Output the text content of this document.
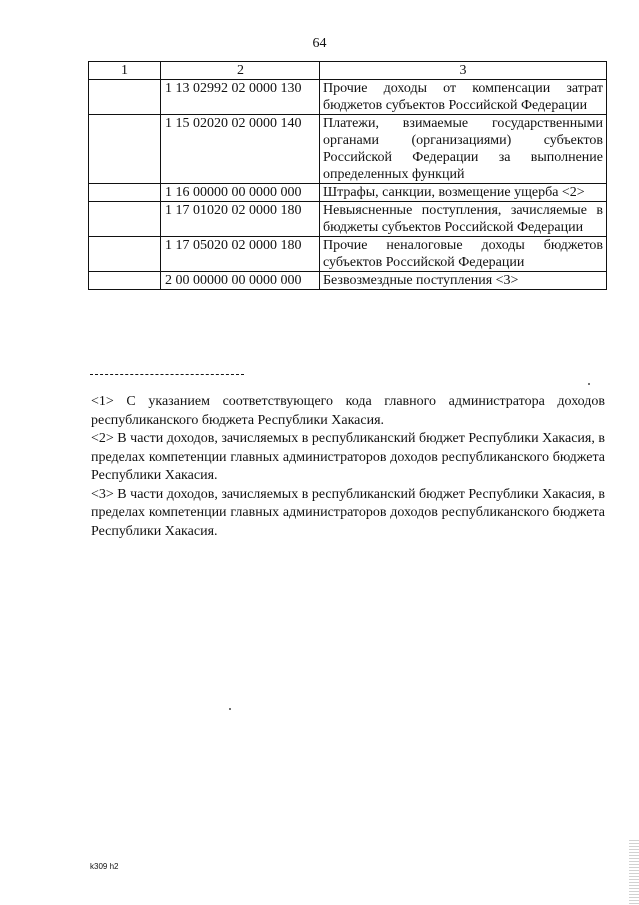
64
1	2	3
	1 13 02992 02 0000 130	Прочие доходы от компенсации затрат бюджетов субъектов Российской Федерации
	1 15 02020 02 0000 140	Платежи, взимаемые государственными органами (организациями) субъектов Российской Федерации за выполнение определенных функций
	1 16 00000 00 0000 000	Штрафы, санкции, возмещение ущерба <2>
	1 17 01020 02 0000 180	Невыясненные поступления, зачисляемые в бюджеты субъектов Российской Федерации
	1 17 05020 02 0000 180	Прочие неналоговые доходы бюджетов субъектов Российской Федерации
	2 00 00000 00 0000 000	Безвозмездные поступления <3>

<1> С указанием соответствующего кода главного администратора доходов республиканского бюджета Республики Хакасия.

<2> В части доходов, зачисляемых в республиканский бюджет Республики Хакасия, в пределах компетенции главных администраторов доходов республиканского бюджета Республики Хакасия.

<3> В части доходов, зачисляемых в республиканский бюджет Республики Хакасия, в пределах компетенции главных администраторов доходов республиканского бюджета Республики Хакасия.

k309 h2
